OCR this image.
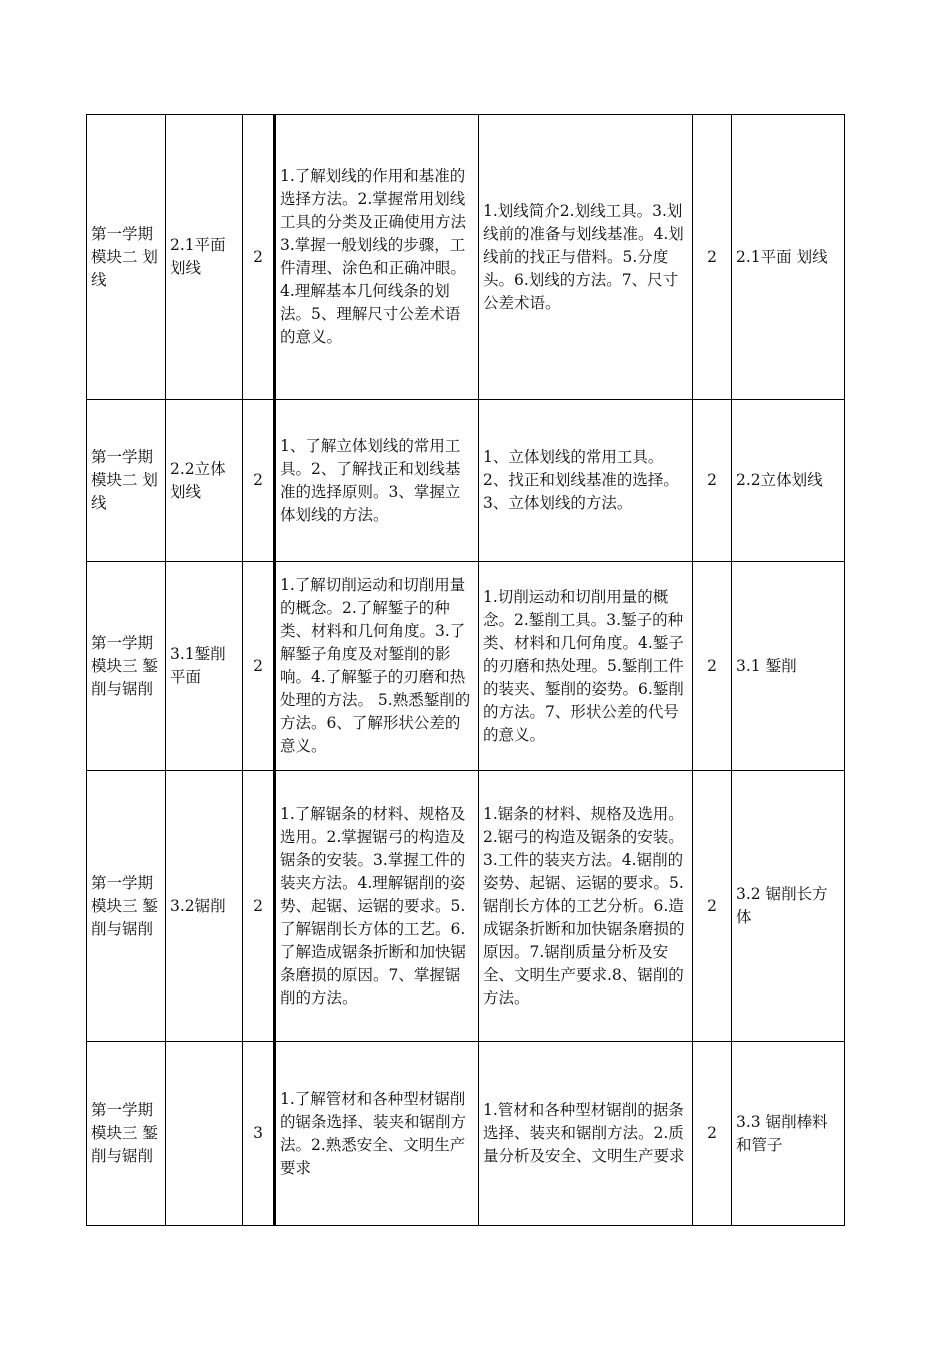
第一学期 模块二 划线	2.1平面划线	2	1.了解划线的作用和基准的选择方法。2.掌握常用划线工具的分类及正确使用方法3.掌握一般划线的步骤，工件清理、涂色和正确冲眼。4.理解基本几何线条的划法。5、理解尺寸公差术语的意义。	1.划线简介2.划线工具。3.划线前的准备与划线基准。4.划线前的找正与借料。5.分度头。6.划线的方法。7、尺寸公差术语。	2	2.1平面 划线
第一学期 模块二 划线	2.2立体划线	2	1、了解立体划线的常用工具。2、了解找正和划线基准的选择原则。3、掌握立体划线的方法。	1、立体划线的常用工具。2、找正和划线基准的选择。3、立体划线的方法。	2	2.2立体划线
第一学期模块三 錾削与锯削	3.1錾削平面	2	1.了解切削运动和切削用量的概念。2.了解錾子的种类、材料和几何角度。3.了解錾子角度及对錾削的影响。4.了解錾子的刃磨和热处理的方法。 5.熟悉錾削的方法。6、了解形状公差的意义。	1.切削运动和切削用量的概念。2.錾削工具。3.錾子的种类、材料和几何角度。4.錾子的刃磨和热处理。5.錾削工件的装夹、錾削的姿势。6.錾削的方法。7、形状公差的代号的意义。	2	3.1 錾削
第一学期模块三 錾削与锯削	3.2锯削	2	1.了解锯条的材料、规格及选用。2.掌握锯弓的构造及锯条的安装。3.掌握工件的装夹方法。4.理解锯削的姿势、起锯、运锯的要求。5.了解锯削长方体的工艺。6.了解造成锯条折断和加快锯条磨损的原因。7、掌握锯削的方法。	1.锯条的材料、规格及选用。2.锯弓的构造及锯条的安装。3.工件的装夹方法。4.锯削的姿势、起锯、运锯的要求。5.锯削长方体的工艺分析。6.造成锯条折断和加快锯条磨损的原因。7.锯削质量分析及安全、文明生产要求.8、锯削的方法。	2	3.2 锯削长方体
第一学期模块三 錾削与锯削		3	1.了解管材和各种型材锯削的锯条选择、装夹和锯削方法。2.熟悉安全、文明生产要求	1.管材和各种型材锯削的据条选择、装夹和锯削方法。2.质量分析及安全、文明生产要求	2	3.3 锯削棒料和管子
